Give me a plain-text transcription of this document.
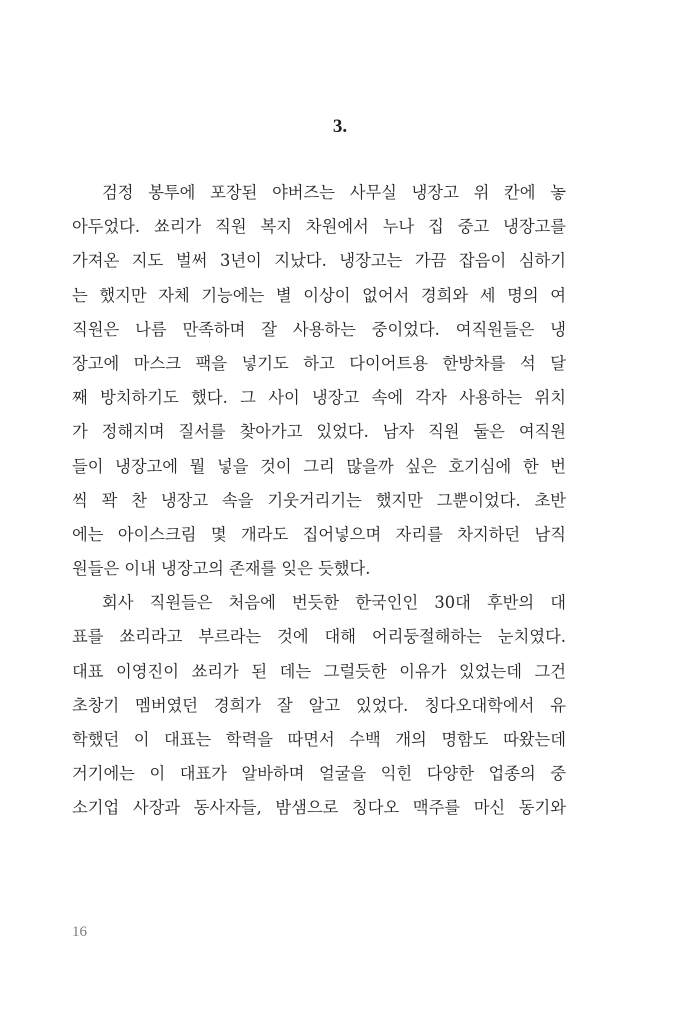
3.
검정 봉투에 포장된 야버즈는 사무실 냉장고 위 칸에 놓
아두었다. 쑈리가 직원 복지 차원에서 누나 집 중고 냉장고를
가져온 지도 벌써 3년이 지났다. 냉장고는 가끔 잡음이 심하기
는 했지만 자체 기능에는 별 이상이 없어서 경희와 세 명의 여
직원은 나름 만족하며 잘 사용하는 중이었다. 여직원들은 냉
장고에 마스크 팩을 넣기도 하고 다이어트용 한방차를 석 달
째 방치하기도 했다. 그 사이 냉장고 속에 각자 사용하는 위치
가 정해지며 질서를 찾아가고 있었다. 남자 직원 둘은 여직원
들이 냉장고에 뭘 넣을 것이 그리 많을까 싶은 호기심에 한 번
씩 꽉 찬 냉장고 속을 기웃거리기는 했지만 그뿐이었다. 초반
에는 아이스크림 몇 개라도 집어넣으며 자리를 차지하던 남직
원들은 이내 냉장고의 존재를 잊은 듯했다.
회사 직원들은 처음에 번듯한 한국인인 30대 후반의 대
표를 쑈리라고 부르라는 것에 대해 어리둥절해하는 눈치였다.
대표 이영진이 쑈리가 된 데는 그럴듯한 이유가 있었는데 그건
초창기 멤버였던 경희가 잘 알고 있었다. 칭다오대학에서 유
학했던 이 대표는 학력을 따면서 수백 개의 명함도 따왔는데
거기에는 이 대표가 알바하며 얼굴을 익힌 다양한 업종의 중
소기업 사장과 동사자들, 밤샘으로 칭다오 맥주를 마신 동기와
16
